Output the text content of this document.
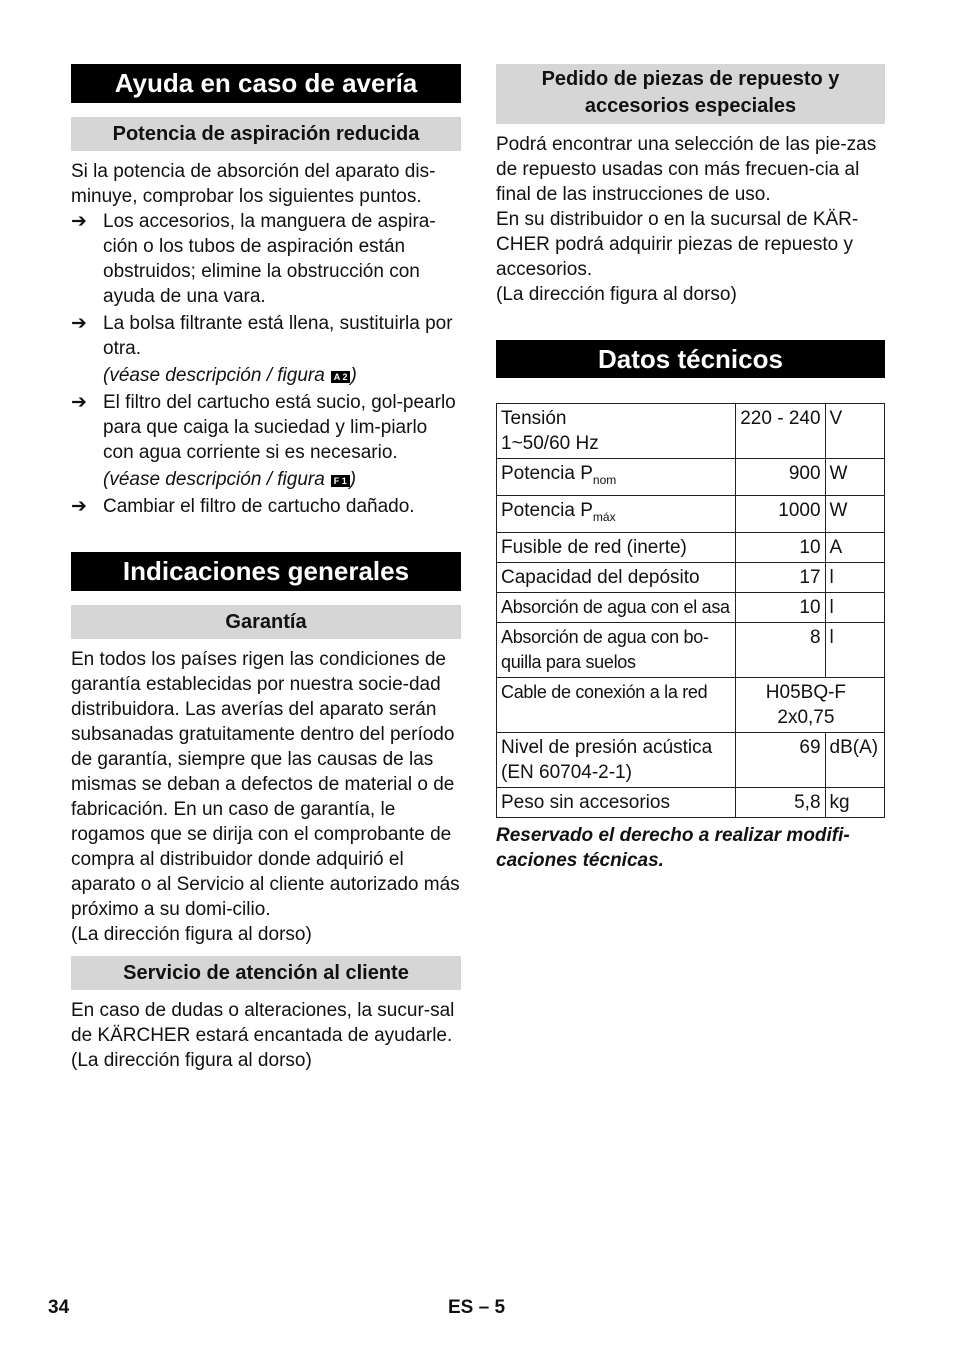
Ayuda en caso de avería
Potencia de aspiración reducida

Si la potencia de absorción del aparato dis-minuye, comprobar los siguientes puntos.

➔ Los accesorios, la manguera de aspira-ción o los tubos de aspiración están obstruidos; elimine la obstrucción con ayuda de una vara.
➔ La bolsa filtrante está llena, sustituirla por otra.
(véase descripción / figura A 2 )
➔ El filtro del cartucho está sucio, gol-pearlo para que caiga la suciedad y lim-piarlo con agua corriente si es necesario.
(véase descripción / figura F 1 )
➔ Cambiar el filtro de cartucho dañado.
Indicaciones generales
Garantía

En todos los países rigen las condiciones de garantía establecidas por nuestra socie-dad distribuidora. Las averías del aparato serán subsanadas gratuitamente dentro del período de garantía, siempre que las causas de las mismas se deban a defectos de material o de fabricación. En un caso de garantía, le rogamos que se dirija con el comprobante de compra al distribuidor donde adquirió el aparato o al Servicio al cliente autorizado más próximo a su domi-cilio.

(La dirección figura al dorso)

Servicio de atención al cliente

En caso de dudas o alteraciones, la sucur-sal de KÄRCHER estará encantada de ayudarle.

(La dirección figura al dorso)

Pedido de piezas de repuesto y accesorios especiales

Podrá encontrar una selección de las pie-zas de repuesto usadas con más frecuen-cia al final de las instrucciones de uso.

En su distribuidor o en la sucursal de KÄR-CHER podrá adquirir piezas de repuesto y accesorios.

(La dirección figura al dorso)

Datos técnicos
Tensión
1~50/60 Hz	220 - 240	V
Potencia $P_{nom}$	900	W
Potencia $P_{máx}$	1000	W
Fusible de red (inerte)	10	A
Capacidad del depósito	17	l
Absorción de agua con el asa	10	l
Absorción de agua con bo-quilla para suelos	8	l
Cable de conexión a la red	H05BQ-F 2x0,75	
Nivel de presión acústica (EN 60704-2-1)	69	dB(A)
Peso sin accesorios	5,8	kg

Reservado el derecho a realizar modifi-caciones técnicas.

34	ES – 5
